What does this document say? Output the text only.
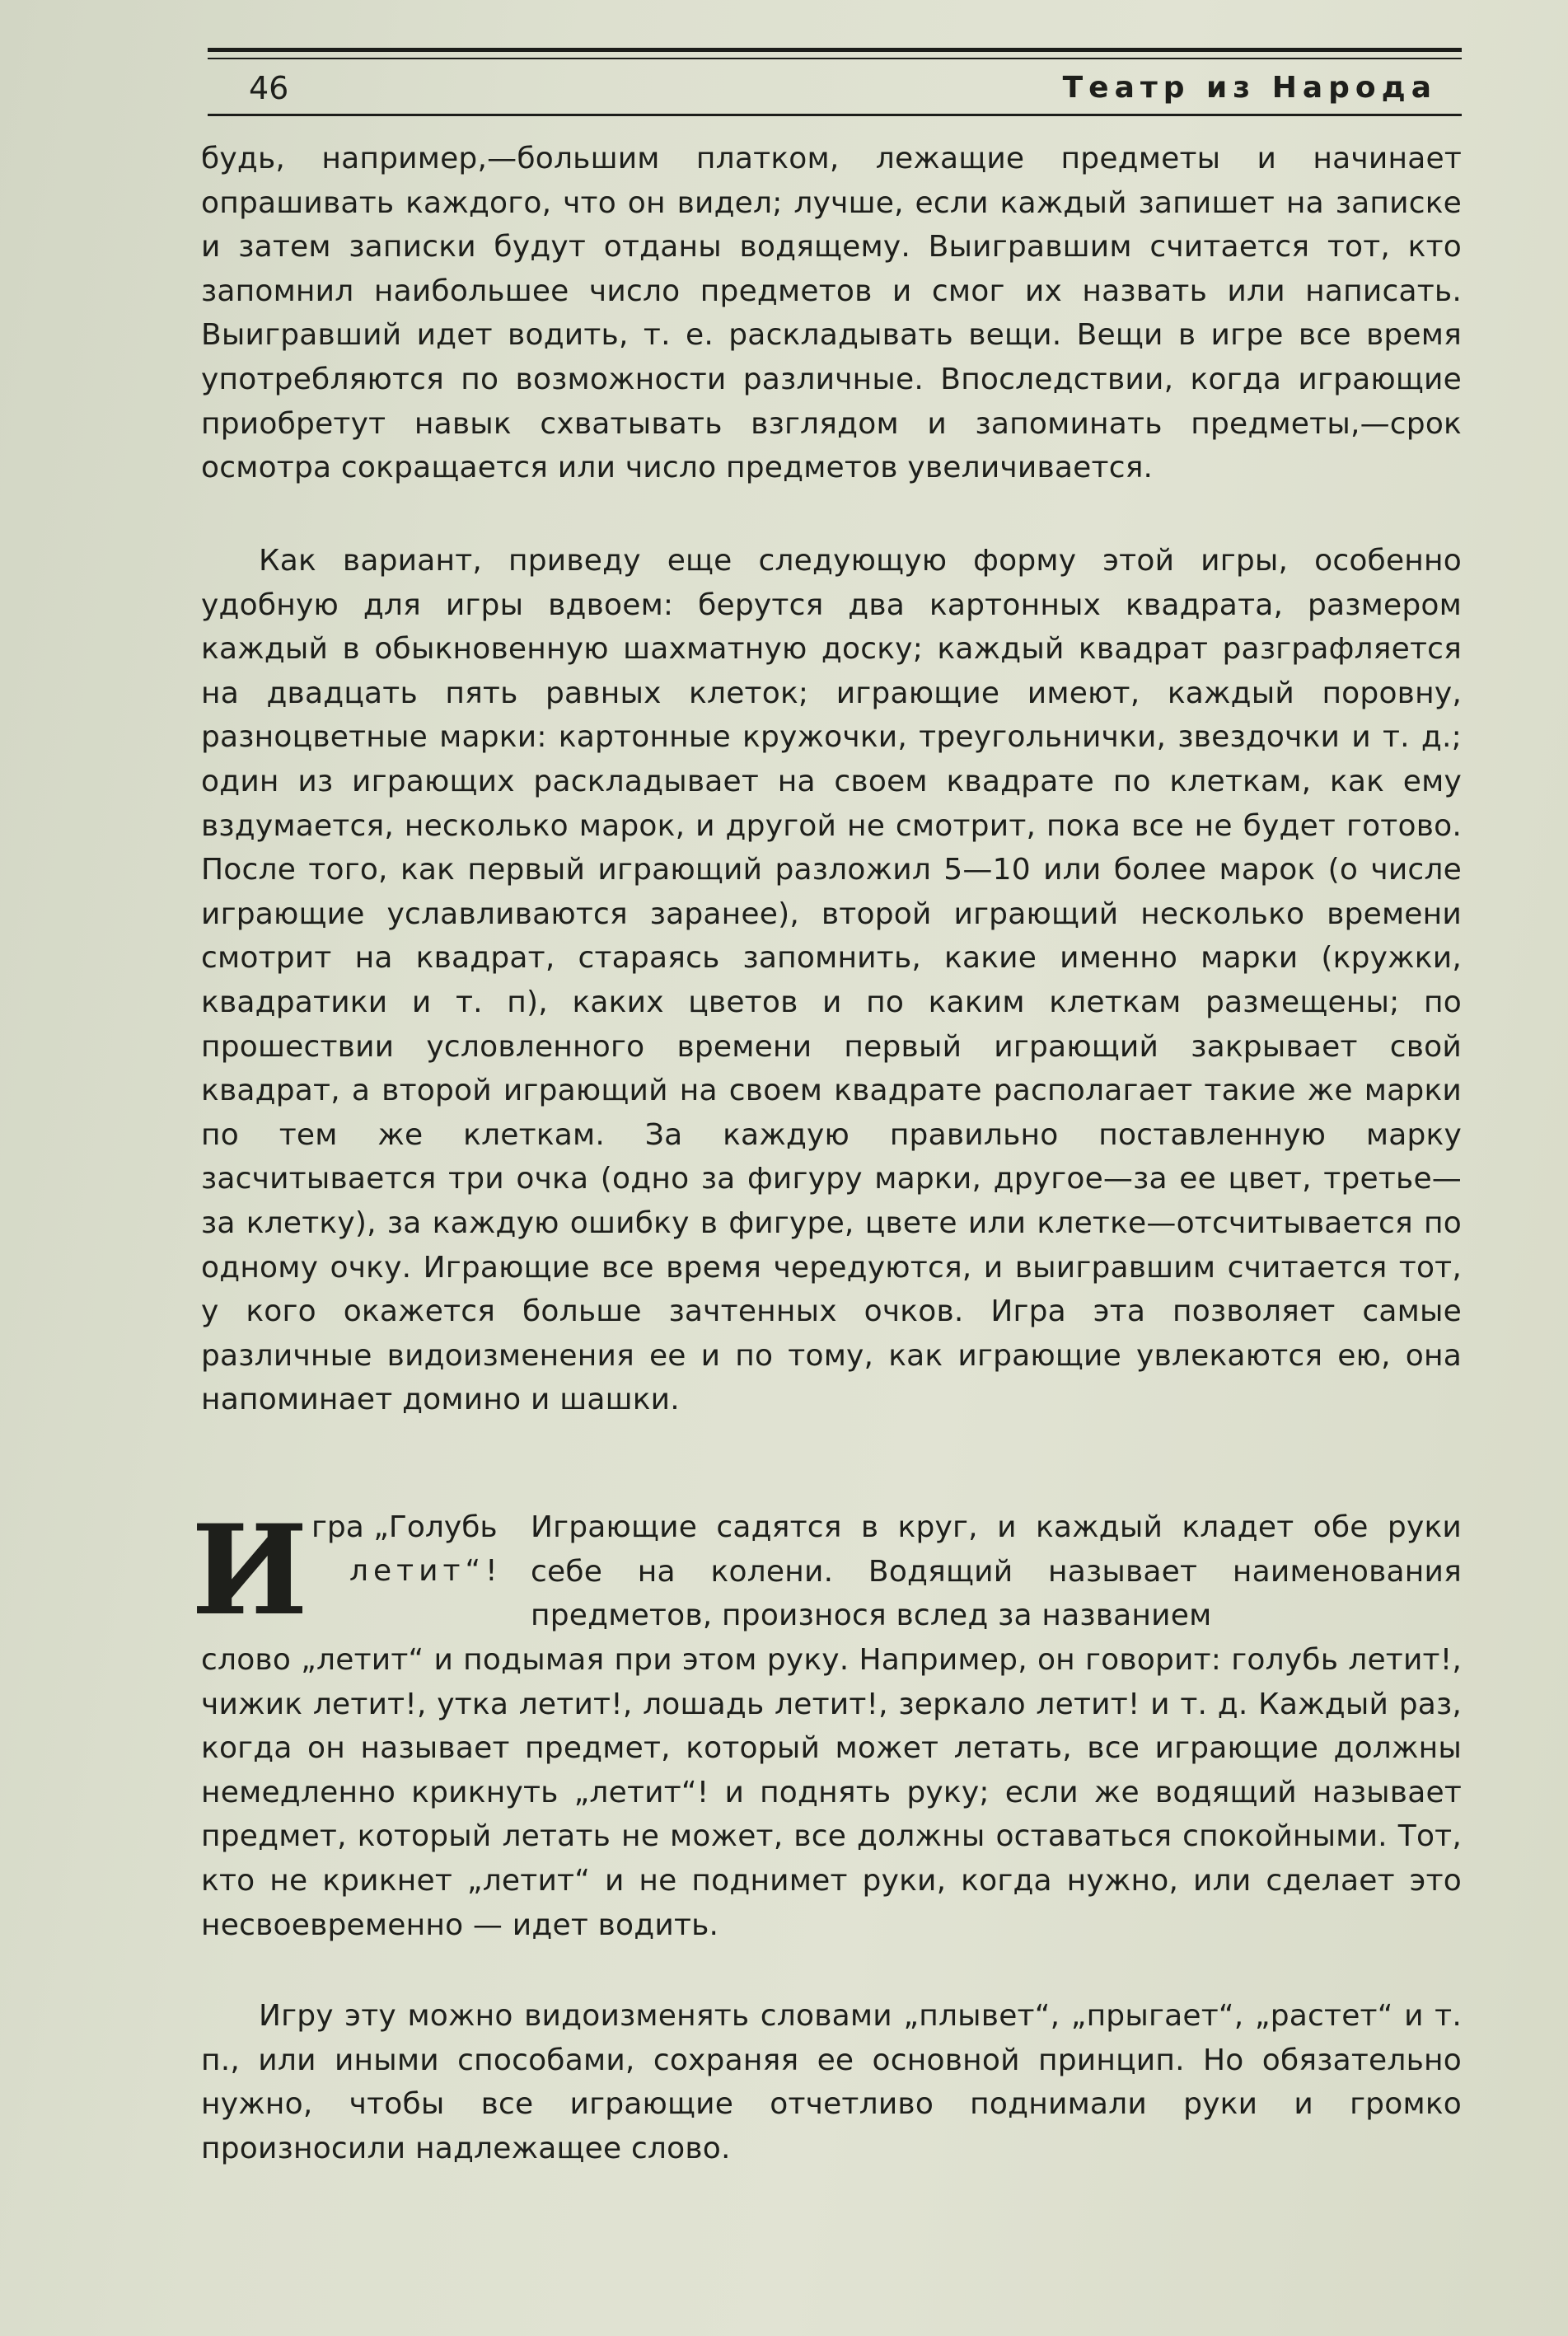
46	Театр из Народа

будь, например,—большим платком, лежащие предметы и начинает опрашивать каждого, что он видел; лучше, если каждый запишет на записке и затем записки будут отданы водящему. Выигравшим считается тот, кто запомнил наибольшее число предметов и смог их назвать или написать. Выигравший идет водить, т. е. раскладывать вещи. Вещи в игре все время употребляются по возможности различные. Впоследствии, когда играющие приобретут навык схватывать взглядом и запоминать предметы,—срок осмотра сокращается или число предметов увеличивается.

Как вариант, приведу еще следующую форму этой игры, особенно удобную для игры вдвоем: берутся два картонных квадрата, размером каждый в обыкновенную шахматную доску; каждый квадрат разграфляется на двадцать пять равных клеток; играющие имеют, каждый поровну, разноцветные марки: картонные кружочки, треугольнички, звездочки и т. д.; один из играющих раскладывает на своем квадрате по клеткам, как ему вздумается, несколько марок, и другой не смотрит, пока все не будет готово. После того, как первый играющий разложил 5—10 или более марок (о числе играющие уславливаются заранее), второй играющий несколько времени смотрит на квадрат, стараясь запомнить, какие именно марки (кружки, квадратики и т. п), каких цветов и по каким клеткам размещены; по прошествии условленного времени первый играющий закрывает свой квадрат, а второй играющий на своем квадрате располагает такие же марки по тем же клеткам. За каждую правильно поставленную марку засчитывается три очка (одно за фигуру марки, другое—за ее цвет, третье—за клетку), за каждую ошибку в фигуре, цвете или клетке—отсчитывается по одному очку. Играющие все время чередуются, и выигравшим считается тот, у кого окажется больше зачтенных очков. Игра эта позволяет самые различные видоизменения ее и по тому, как играющие увлекаются ею, она напоминает домино и шашки.

И гра „Голубь
летит“!

Играющие садятся в круг, и каждый кладет обе руки себе на колени. Водящий называет наименования предметов, произнося вслед за названием

слово „летит“ и подымая при этом руку. Например, он говорит: голубь летит!, чижик летит!, утка летит!, лошадь летит!, зеркало летит! и т. д. Каждый раз, когда он называет предмет, который может летать, все играющие должны немедленно крикнуть „летит“! и поднять руку; если же водящий называет предмет, который летать не может, все должны оставаться спокойными. Тот, кто не крикнет „летит“ и не поднимет руки, когда нужно, или сделает это несвоевременно — идет водить.

Игру эту можно видоизменять словами „плывет“, „прыгает“, „растет“ и т. п., или иными способами, сохраняя ее основной принцип. Но обязательно нужно, чтобы все играющие отчетливо поднимали руки и громко произносили надлежащее слово.
